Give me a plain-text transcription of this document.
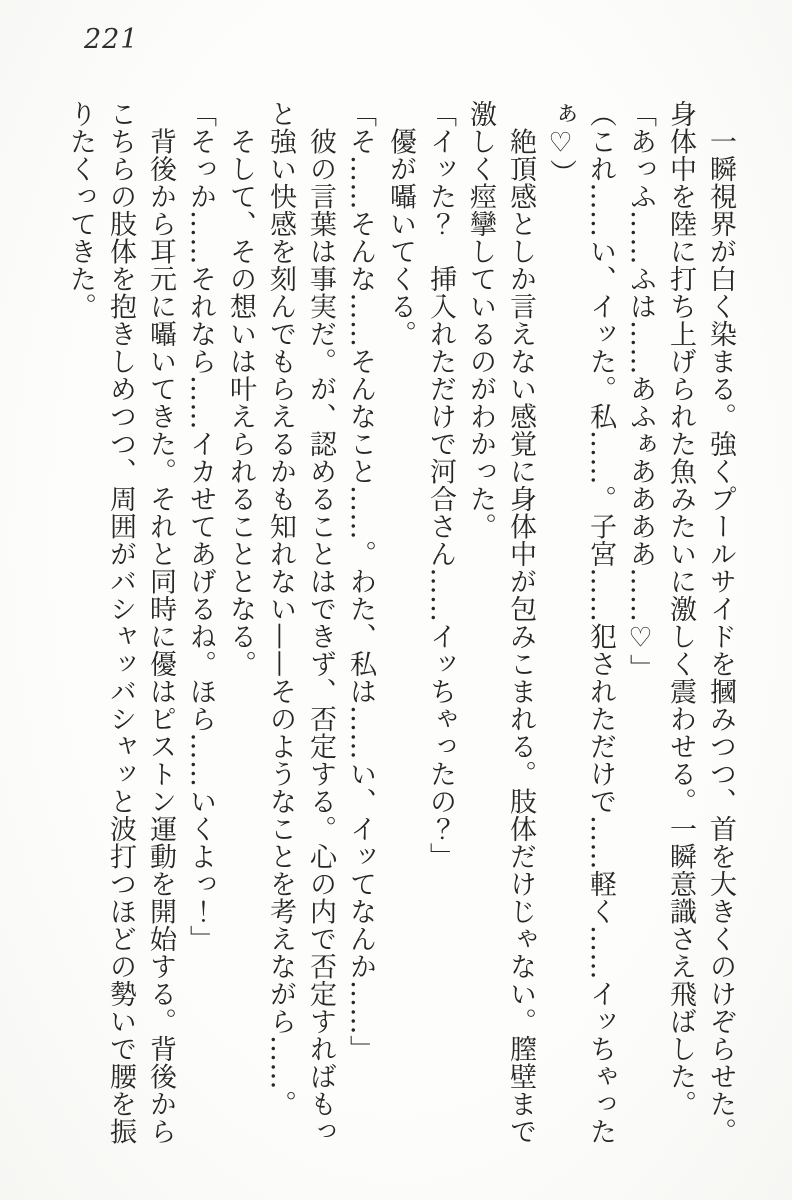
221

　一瞬視界が白く染まる。強くプールサイドを摑みつつ、首を大きくのけぞらせた。

身体中を陸に打ち上げられた魚みたいに激しく震わせる。一瞬意識さえ飛ばした。

「あっふ……ふは……あふぁああああ……♡」

（これ……い、イッた。私……。子宮……犯されただけで……軽く……イッちゃった

ぁ♡）

　絶頂感としか言えない感覚に身体中が包みこまれる。肢体だけじゃない。膣壁まで

激しく痙攣しているのがわかった。

「イッた？　挿入れただけで河合さん……イッちゃったの？」

　優が囁いてくる。

「そ……そんな……そんなこと……。わた、私は……い、イッてなんか……」

　彼の言葉は事実だ。が、認めることはできず、否定する。心の内で否定すればもっ

と強い快感を刻んでもらえるかも知れない——そのようなことを考えながら……。

　そして、その想いは叶えられることとなる。

「そっか……それなら……イカせてあげるね。ほら……いくよっ！」

　背後から耳元に囁いてきた。それと同時に優はピストン運動を開始する。背後から

こちらの肢体を抱きしめつつ、周囲がバシャッバシャッと波打つほどの勢いで腰を振

りたくってきた。
